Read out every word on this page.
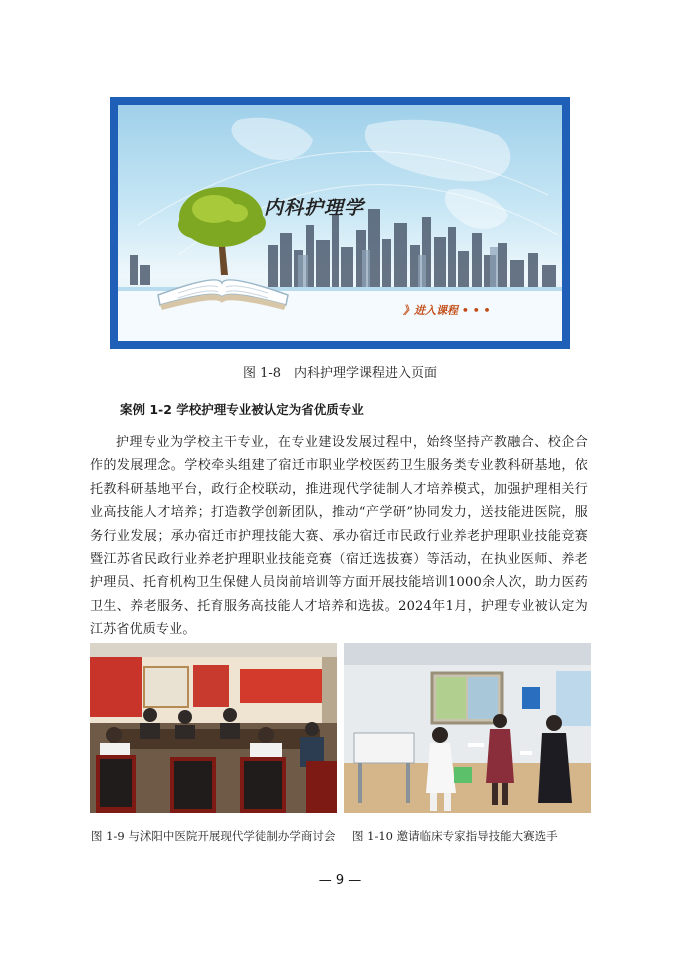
内科护理学
》进入课程 • • •
图 1-8　内科护理学课程进入页面
案例 1-2 学校护理专业被认定为省优质专业

护理专业为学校主干专业，在专业建设发展过程中，始终坚持产教融合、校企合作的发展理念。学校牵头组建了宿迁市职业学校医药卫生服务类专业教科研基地，依托教科研基地平台，政行企校联动，推进现代学徒制人才培养模式，加强护理相关行业高技能人才培养；打造教学创新团队，推动“产学研”协同发力，送技能进医院，服务行业发展；承办宿迁市护理技能大赛、承办宿迁市民政行业养老护理职业技能竞赛暨江苏省民政行业养老护理职业技能竞赛（宿迁选拔赛）等活动，在执业医师、养老护理员、托育机构卫生保健人员岗前培训等方面开展技能培训1000余人次，助力医药卫生、养老服务、托育服务高技能人才培养和选拔。2024年1月，护理专业被认定为江苏省优质专业。

图 1-9 与沭阳中医院开展现代学徒制办学商讨会 图 1-10 邀请临床专家指导技能大赛选手
— 9 —
